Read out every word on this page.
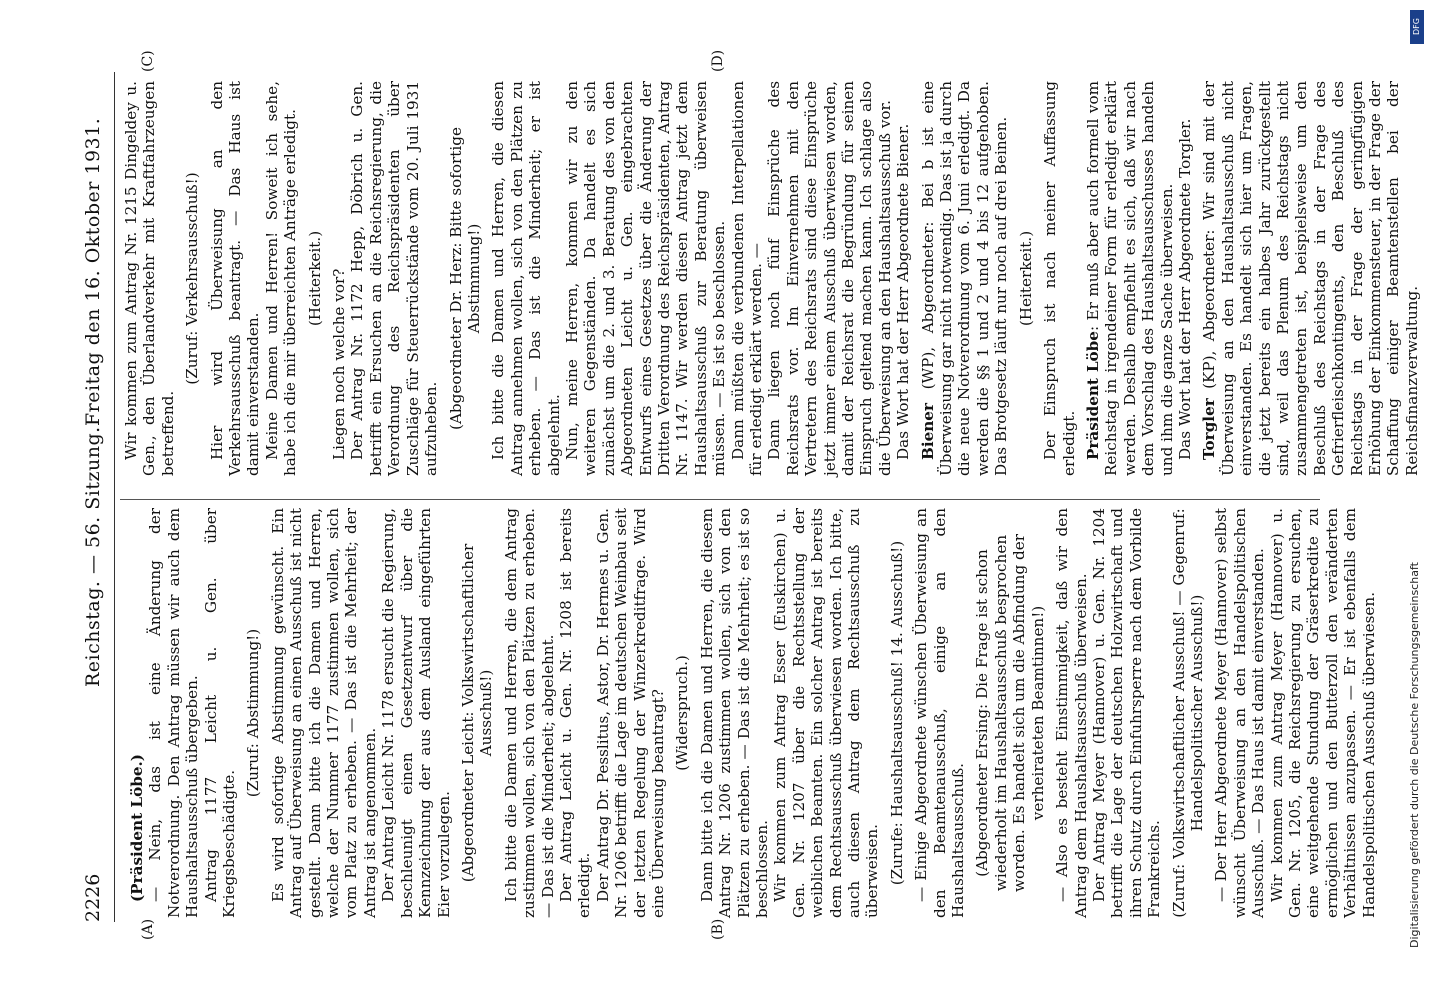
2226
Reichstag. — 56. Sitzung.
Freitag den 16. Oktober 1931.
(A)	(B)
(C)	(D)

(Präsident Löbe.) — Nein, das ist eine Änderung der Notverordnung. Den Antrag müssen wir auch dem Haushaltsausschuß übergeben. Antrag 1177 Leicht u. Gen. über Kriegsbeschädigte.

(Zuruf: Abstimmung!) Es wird sofortige Abstimmung gewünscht. Ein Antrag auf Überweisung an einen Ausschuß ist nicht gestellt. Dann bitte ich die Damen und Herren, welche der Nummer 1177 zustimmen wollen, sich vom Platz zu erheben. — Das ist die Mehrheit; der Antrag ist angenommen. Der Antrag Leicht Nr. 1178 ersucht die Regierung, beschleunigt einen Gesetzentwurf über die Kennzeichnung der aus dem Ausland eingeführten Eier vorzulegen. (Abgeordneter Leicht: Volkswirtschaftlicher Ausschuß!) Ich bitte die Damen und Herren, die dem Antrag zustimmen wollen, sich von den Plätzen zu erheben. — Das ist die Minderheit; abgelehnt. Der Antrag Leicht u. Gen. Nr. 1208 ist bereits erledigt. Der Antrag Dr. Pesslitus, Astor, Dr. Hermes u. Gen. Nr. 1206 betrifft die Lage im deutschen Weinbau seit der letzten Regelung der Winzerkreditfrage. Wird eine Überweisung beantragt? (Widerspruch.) Dann bitte ich die Damen und Herren, die diesem Antrag Nr. 1206 zustimmen wollen, sich von den Plätzen zu erheben. — Das ist die Mehrheit; es ist so beschlossen. Wir kommen zum Antrag Esser (Euskirchen) u. Gen. Nr. 1207 über die Rechtsstellung der weiblichen Beamten. Ein solcher Antrag ist bereits dem Rechtsausschuß überwiesen worden. Ich bitte, auch diesen Antrag dem Rechtsausschuß zu überweisen. (Zurufe: Haushaltsausschuß! 14. Ausschuß!) — Einige Abgeordnete wünschen Überweisung an den Beamtenausschuß, einige an den Haushaltsausschuß. (Abgeordneter Ersing: Die Frage ist schon wiederholt im Haushaltsausschuß besprochen worden. Es handelt sich um die Abfindung der verheirateten Beamtinnen!) — Also es besteht Einstimmigkeit, daß wir den Antrag dem Haushaltsausschuß überweisen. Der Antrag Meyer (Hannover) u. Gen. Nr. 1204 betrifft die Lage der deutschen Holzwirtschaft und ihren Schutz durch Einfuhrsperre nach dem Vorbilde Frankreichs. (Zuruf: Volkswirtschaftlicher Ausschuß! — Gegenruf: Handelspolitischer Ausschuß!) — Der Herr Abgeordnete Meyer (Hannover) selbst wünscht Überweisung an den Handelspolitischen Ausschuß. — Das Haus ist damit einverstanden. Wir kommen zum Antrag Meyer (Hannover) u. Gen. Nr. 1205, die Reichsregierung zu ersuchen, eine weitgehende Stundung der Gräserkredite zu ermöglichen und den Butterzoll den veränderten Verhältnissen anzupassen. — Er ist ebenfalls dem Handelspolitischen Ausschuß überwiesen.

Wir kommen zum Antrag Nr. 1215 Dingeldey u. Gen., den Überlandverkehr mit Kraftfahrzeugen betreffend.

(Zuruf: Verkehrsausschuß!) Hier wird Überweisung an den Verkehrsausschuß beantragt. — Das Haus ist damit einverstanden. Meine Damen und Herren! Soweit ich sehe, habe ich die mir überreichten Anträge erledigt. (Heiterkeit.) Liegen noch welche vor? Der Antrag Nr. 1172 Hepp, Döbrich u. Gen. betrifft ein Ersuchen an die Reichsregierung, die Verordnung des Reichspräsidenten über Zuschläge für Steuerrückstände vom 20. Juli 1931 aufzuheben. (Abgeordneter Dr. Herz: Bitte sofortige Abstimmung!) Ich bitte die Damen und Herren, die diesen Antrag annehmen wollen, sich von den Plätzen zu erheben. — Das ist die Minderheit; er ist abgelehnt. Nun, meine Herren, kommen wir zu den weiteren Gegenständen. Da handelt es sich zunächst um die 2. und 3. Beratung des von den Abgeordneten Leicht u. Gen. eingebrachten Entwurfs eines Gesetzes über die Änderung der Dritten Verordnung des Reichspräsidenten, Antrag Nr. 1147. Wir werden diesen Antrag jetzt dem Haushaltsausschuß zur Beratung überweisen müssen. — Es ist so beschlossen. Dann müßten die verbundenen Interpellationen für erledigt erklärt werden. — Dann liegen noch fünf Einsprüche des Reichsrats vor. Im Einvernehmen mit den Vertretern des Reichsrats sind diese Einsprüche jetzt immer einem Ausschuß überwiesen worden, damit der Reichsrat die Begründung für seinen Einspruch geltend machen kann. Ich schlage also die Überweisung an den Haushaltsausschuß vor. Das Wort hat der Herr Abgeordnete Biener. Biener (WP), Abgeordneter: Bei b ist eine Überweisung gar nicht notwendig. Das ist ja durch die neue Notverordnung vom 6. Juni erledigt. Da werden die §§ 1 und 2 und 4 bis 12 aufgehoben. Das Brotgesetz läuft nur noch auf drei Beinen. (Heiterkeit.) Der Einspruch ist nach meiner Auffassung erledigt. Präsident Löbe: Er muß aber auch formell vom Reichstag in irgendeiner Form für erledigt erklärt werden. Deshalb empfiehlt es sich, daß wir nach dem Vorschlag des Haushaltsausschusses handeln und ihm die ganze Sache überweisen. Das Wort hat der Herr Abgeordnete Torgler. Torgler (KP), Abgeordneter: Wir sind mit der Überweisung an den Haushaltsausschuß nicht einverstanden. Es handelt sich hier um Fragen, die jetzt bereits ein halbes Jahr zurückgestellt sind, weil das Plenum des Reichstags nicht zusammengetreten ist, beispielsweise um den Beschluß des Reichstags in der Frage des Gefrierfleischkontingents, den Beschluß des Reichstags in der Frage der geringfügigen Erhöhung der Einkommensteuer, in der Frage der Schaffung einiger Beamtenstellen bei der Reichsfinanzverwaltung.

DFG
Digitalisierung gefördert durch die Deutsche Forschungsgemeinschaft
